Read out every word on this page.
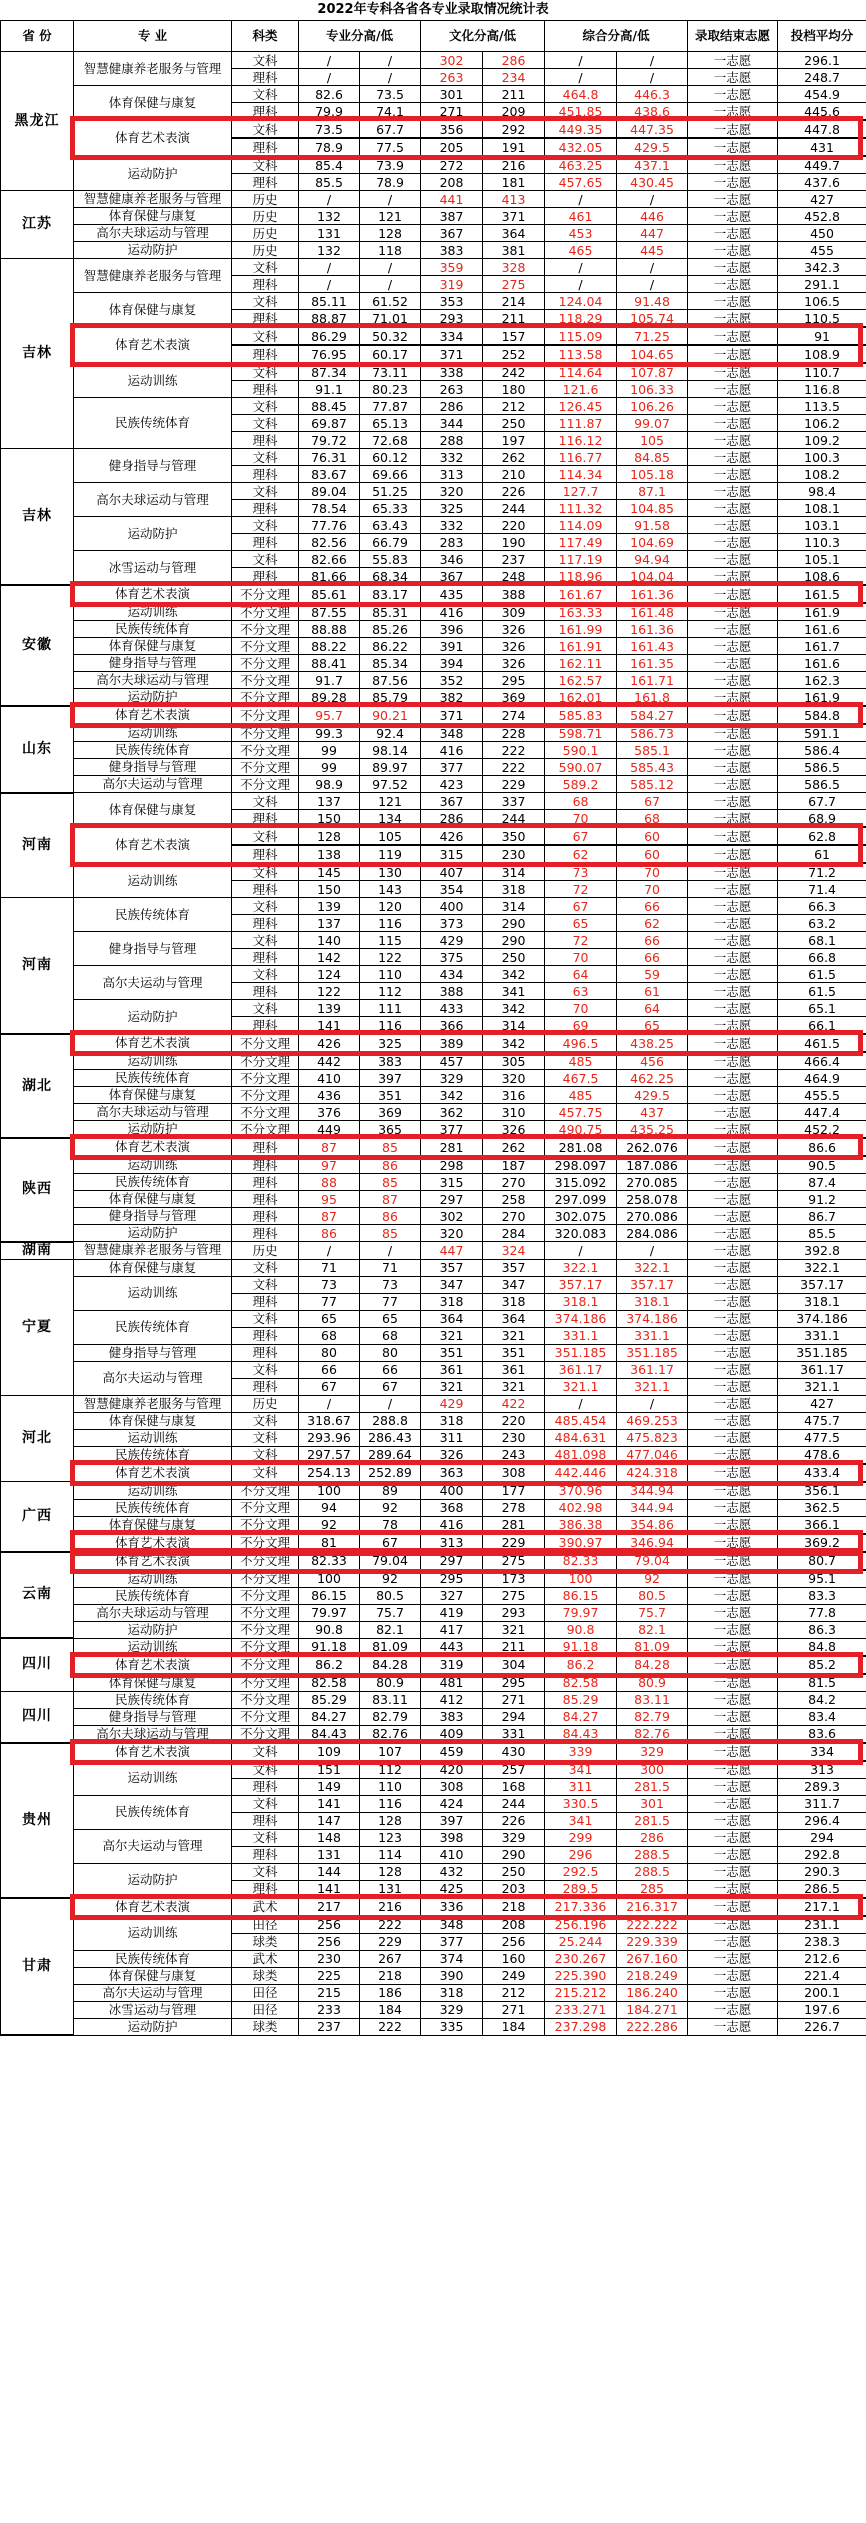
2022年专科各省各专业录取情况统计表
省 份	专 业	科类	专业分高/低		文化分高/低		综合分高/低		录取结束志愿	投档平均分
黑龙江	智慧健康养老服务与管理	文科	/	/	302	286	/	/	一志愿	296.1
		理科	/	/	263	234	/	/	一志愿	248.7
	体育保健与康复	文科	82.6	73.5	301	211	464.8	446.3	一志愿	454.9
		理科	79.9	74.1	271	209	451.85	438.6	一志愿	445.6
	体育艺术表演	文科	73.5	67.7	356	292	449.35	447.35	一志愿	447.8
		理科	78.9	77.5	205	191	432.05	429.5	一志愿	431
	运动防护	文科	85.4	73.9	272	216	463.25	437.1	一志愿	449.7
		理科	85.5	78.9	208	181	457.65	430.45	一志愿	437.6
江苏	智慧健康养老服务与管理	历史	/	/	441	413	/	/	一志愿	427
	体育保健与康复	历史	132	121	387	371	461	446	一志愿	452.8
	高尔夫球运动与管理	历史	131	128	367	364	453	447	一志愿	450
	运动防护	历史	132	118	383	381	465	445	一志愿	455
吉林	智慧健康养老服务与管理	文科	/	/	359	328	/	/	一志愿	342.3
		理科	/	/	319	275	/	/	一志愿	291.1
	体育保健与康复	文科	85.11	61.52	353	214	124.04	91.48	一志愿	106.5
		理科	88.87	71.01	293	211	118.29	105.74	一志愿	110.5
	体育艺术表演	文科	86.29	50.32	334	157	115.09	71.25	一志愿	91
		理科	76.95	60.17	371	252	113.58	104.65	一志愿	108.9
	运动训练	文科	87.34	73.11	338	242	114.64	107.87	一志愿	110.7
		理科	91.1	80.23	263	180	121.6	106.33	一志愿	116.8
	民族传统体育	文科	88.45	77.87	286	212	126.45	106.26	一志愿	113.5
		文科	69.87	65.13	344	250	111.87	99.07	一志愿	106.2
		理科	79.72	72.68	288	197	116.12	105	一志愿	109.2
吉林	健身指导与管理	文科	76.31	60.12	332	262	116.77	84.85	一志愿	100.3
		理科	83.67	69.66	313	210	114.34	105.18	一志愿	108.2
	高尔夫球运动与管理	文科	89.04	51.25	320	226	127.7	87.1	一志愿	98.4
		理科	78.54	65.33	325	244	111.32	104.85	一志愿	108.1
	运动防护	文科	77.76	63.43	332	220	114.09	91.58	一志愿	103.1
		理科	82.56	66.79	283	190	117.49	104.69	一志愿	110.3
	冰雪运动与管理	文科	82.66	55.83	346	237	117.19	94.94	一志愿	105.1
		理科	81.66	68.34	367	248	118.96	104.04	一志愿	108.6
安徽	体育艺术表演	不分文理	85.61	83.17	435	388	161.67	161.36	一志愿	161.5
	运动训练	不分文理	87.55	85.31	416	309	163.33	161.48	一志愿	161.9
	民族传统体育	不分文理	88.88	85.26	396	326	161.99	161.36	一志愿	161.6
	体育保健与康复	不分文理	88.22	86.22	391	326	161.91	161.43	一志愿	161.7
	健身指导与管理	不分文理	88.41	85.34	394	326	162.11	161.35	一志愿	161.6
	高尔夫球运动与管理	不分文理	91.7	87.56	352	295	162.57	161.71	一志愿	162.3
	运动防护	不分文理	89.28	85.79	382	369	162.01	161.8	一志愿	161.9
山东	体育艺术表演	不分文理	95.7	90.21	371	274	585.83	584.27	一志愿	584.8
	运动训练	不分文理	99.3	92.4	348	228	598.71	586.73	一志愿	591.1
	民族传统体育	不分文理	99	98.14	416	222	590.1	585.1	一志愿	586.4
	健身指导与管理	不分文理	99	89.97	377	222	590.07	585.43	一志愿	586.5
	高尔夫运动与管理	不分文理	98.9	97.52	423	229	589.2	585.12	一志愿	586.5
河南	体育保健与康复	文科	137	121	367	337	68	67	一志愿	67.7
		理科	150	134	286	244	70	68	一志愿	68.9
	体育艺术表演	文科	128	105	426	350	67	60	一志愿	62.8
		理科	138	119	315	230	62	60	一志愿	61
	运动训练	文科	145	130	407	314	73	70	一志愿	71.2
		理科	150	143	354	318	72	70	一志愿	71.4
河南	民族传统体育	文科	139	120	400	314	67	66	一志愿	66.3
		理科	137	116	373	290	65	62	一志愿	63.2
	健身指导与管理	文科	140	115	429	290	72	66	一志愿	68.1
		理科	142	122	375	250	70	66	一志愿	66.8
	高尔夫运动与管理	文科	124	110	434	342	64	59	一志愿	61.5
		理科	122	112	388	341	63	61	一志愿	61.5
	运动防护	文科	139	111	433	342	70	64	一志愿	65.1
		理科	141	116	366	314	69	65	一志愿	66.1
湖北	体育艺术表演	不分文理	426	325	389	342	496.5	438.25	一志愿	461.5
	运动训练	不分文理	442	383	457	305	485	456	一志愿	466.4
	民族传统体育	不分文理	410	397	329	320	467.5	462.25	一志愿	464.9
	体育保健与康复	不分文理	436	351	342	316	485	429.5	一志愿	455.5
	高尔夫球运动与管理	不分文理	376	369	362	310	457.75	437	一志愿	447.4
	运动防护	不分文理	449	365	377	326	490.75	435.25	一志愿	452.2
陕西	体育艺术表演	理科	87	85	281	262	281.08	262.076	一志愿	86.6
	运动训练	理科	97	86	298	187	298.097	187.086	一志愿	90.5
	民族传统体育	理科	88	85	315	270	315.092	270.085	一志愿	87.4
	体育保健与康复	理科	95	87	297	258	297.099	258.078	一志愿	91.2
	健身指导与管理	理科	87	86	302	270	302.075	270.086	一志愿	86.7
	运动防护	理科	86	85	320	284	320.083	284.086	一志愿	85.5
湖南	智慧健康养老服务与管理	历史	/	/	447	324	/	/	一志愿	392.8
宁夏	体育保健与康复	文科	71	71	357	357	322.1	322.1	一志愿	322.1
	运动训练	文科	73	73	347	347	357.17	357.17	一志愿	357.17
		理科	77	77	318	318	318.1	318.1	一志愿	318.1
	民族传统体育	文科	65	65	364	364	374.186	374.186	一志愿	374.186
		理科	68	68	321	321	331.1	331.1	一志愿	331.1
	健身指导与管理	理科	80	80	351	351	351.185	351.185	一志愿	351.185
	高尔夫运动与管理	文科	66	66	361	361	361.17	361.17	一志愿	361.17
		理科	67	67	321	321	321.1	321.1	一志愿	321.1
河北	智慧健康养老服务与管理	历史	/	/	429	422	/	/	一志愿	427
	体育保健与康复	文科	318.67	288.8	318	220	485.454	469.253	一志愿	475.7
	运动训练	文科	293.96	286.43	311	230	484.631	475.823	一志愿	477.5
	民族传统体育	文科	297.57	289.64	326	243	481.098	477.046	一志愿	478.6
	体育艺术表演	文科	254.13	252.89	363	308	442.446	424.318	一志愿	433.4
广西	运动训练	不分文理	100	89	400	177	370.96	344.94	一志愿	356.1
	民族传统体育	不分文理	94	92	368	278	402.98	344.94	一志愿	362.5
	体育保健与康复	不分文理	92	78	416	281	386.38	354.86	一志愿	366.1
	体育艺术表演	不分文理	81	67	313	229	390.97	346.94	一志愿	369.2
云南	体育艺术表演	不分文理	82.33	79.04	297	275	82.33	79.04	一志愿	80.7
	运动训练	不分文理	100	92	295	173	100	92	一志愿	95.1
	民族传统体育	不分文理	86.15	80.5	327	275	86.15	80.5	一志愿	83.3
	高尔夫球运动与管理	不分文理	79.97	75.7	419	293	79.97	75.7	一志愿	77.8
	运动防护	不分文理	90.8	82.1	417	321	90.8	82.1	一志愿	86.3
四川	运动训练	不分文理	91.18	81.09	443	211	91.18	81.09	一志愿	84.8
	体育艺术表演	不分文理	86.2	84.28	319	304	86.2	84.28	一志愿	85.2
	体育保健与康复	不分文理	82.58	80.9	481	295	82.58	80.9	一志愿	81.5
四川	民族传统体育	不分文理	85.29	83.11	412	271	85.29	83.11	一志愿	84.2
	健身指导与管理	不分文理	84.27	82.79	383	294	84.27	82.79	一志愿	83.4
	高尔夫球运动与管理	不分文理	84.43	82.76	409	331	84.43	82.76	一志愿	83.6
贵州	体育艺术表演	文科	109	107	459	430	339	329	一志愿	334
	运动训练	文科	151	112	420	257	341	300	一志愿	313
		理科	149	110	308	168	311	281.5	一志愿	289.3
	民族传统体育	文科	141	116	424	244	330.5	301	一志愿	311.7
		理科	147	128	397	226	341	281.5	一志愿	296.4
	高尔夫运动与管理	文科	148	123	398	329	299	286	一志愿	294
		理科	131	114	410	290	296	288.5	一志愿	292.8
	运动防护	文科	144	128	432	250	292.5	288.5	一志愿	290.3
		理科	141	131	425	203	289.5	285	一志愿	286.5
甘肃	体育艺术表演	武术	217	216	336	218	217.336	216.317	一志愿	217.1
	运动训练	田径	256	222	348	208	256.196	222.222	一志愿	231.1
		球类	256	229	377	256	25.244	229.339	一志愿	238.3
	民族传统体育	武术	230	267	374	160	230.267	267.160	一志愿	212.6
	体育保健与康复	球类	225	218	390	249	225.390	218.249	一志愿	221.4
	高尔夫运动与管理	田径	215	186	318	212	215.212	186.240	一志愿	200.1
	冰雪运动与管理	田径	233	184	329	271	233.271	184.271	一志愿	197.6
	运动防护	球类	237	222	335	184	237.298	222.286	一志愿	226.7
